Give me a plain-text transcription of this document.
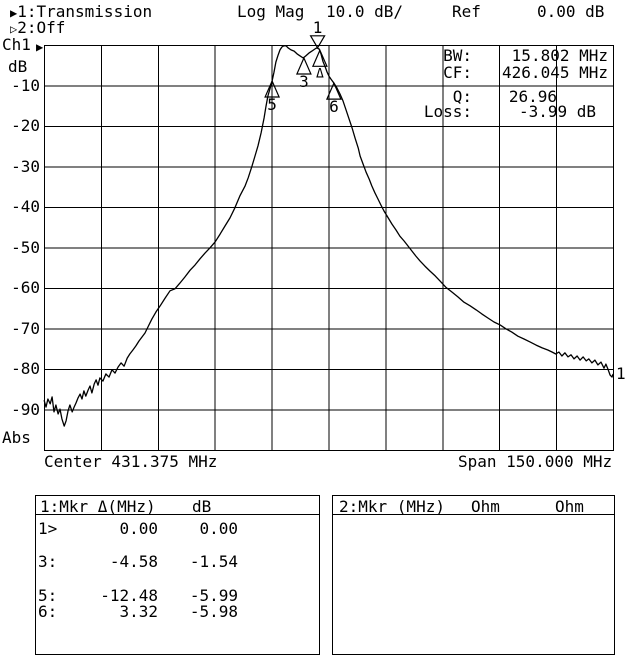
▶1:Transmission	Log Mag 10.0 dB/	Ref	0.00 dB
▷2:Off
Ch1 ▶
dB
Abs
-10
-20
-30
-40
-50
-60
-70
-80
-90
1
Δ
3
5	6
BW:	15.802 MHz
CF:	426.045 MHz
Q:	26.96
Loss:	-3.99 dB
1
Center 431.375 MHz	Span 150.000 MHz
1:Mkr Δ(MHz) dB
1>	0.00	0.00
3:	-4.58	-1.54
5:	-12.48	-5.99
6:	3.32	-5.98
2:Mkr (MHz) Ohm	Ohm
